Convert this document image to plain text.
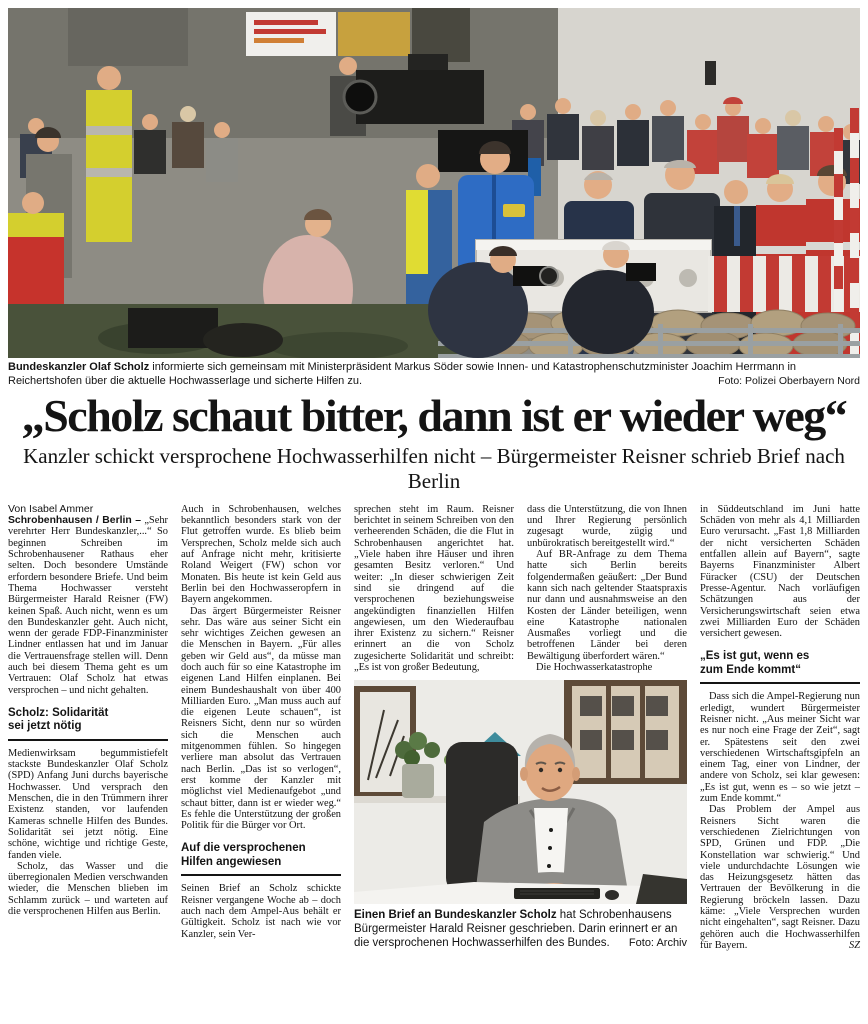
Bundeskanzler Olaf Scholz informierte sich gemeinsam mit Ministerpräsident Markus Söder sowie Innen- und Katastrophenschutzminister Joachim Herrmann in Reichertshofen über die aktuelle Hochwasserlage und sicherte Hilfen zu.	Foto: Polizei Oberbayern Nord

„Scholz schaut bitter, dann ist er wieder weg“
Kanzler schickt versprochene Hochwasserhilfen nicht – Bürgermeister Reisner schrieb Brief nach Berlin

Von Isabel Ammer

Schrobenhausen / Berlin – „Sehr verehrter Herr Bundeskanzler,...“ So beginnen Schreiben im Schrobenhausener Rathaus eher selten. Doch besondere Umstände erfordern besondere Briefe. Und beim Thema Hochwasser versteht Bürgermeister Harald Reisner (FW) keinen Spaß. Auch nicht, wenn es um den Bundeskanzler geht. Auch nicht, wenn der gerade FDP-Finanzminister Lindner entlassen hat und im Januar die Vertrauensfrage stellen will. Denn auch bei diesem Thema geht es um Vertrauen: Olaf Scholz hat etwas versprochen – und nicht gehalten.

Scholz: Solidarität
sei jetzt nötig

Medienwirksam begummistiefelt stackste Bundeskanzler Olaf Scholz (SPD) Anfang Juni durchs bayerische Hochwasser. Und versprach den Menschen, die in den Trümmern ihrer Existenz standen, vor laufenden Kameras schnelle Hilfen des Bundes. Solidarität sei jetzt nötig. Eine schöne, wichtige und richtige Geste, fanden viele.

Scholz, das Wasser und die überregionalen Medien verschwanden wieder, die Menschen blieben im Schlamm zurück – und warteten auf die versprochenen Hilfen aus Berlin.

Auch in Schrobenhausen, welches bekanntlich besonders stark von der Flut getroffen wurde. Es blieb beim Versprechen, Scholz melde sich auch auf Anfrage nicht mehr, kritisierte Roland Weigert (FW) schon vor Monaten. Bis heute ist kein Geld aus Berlin bei den Hochwasseropfern in Bayern angekommen.

Das ärgert Bürgermeister Reisner sehr. Das wäre aus seiner Sicht ein sehr wichtiges Zeichen gewesen an die Menschen in Bayern. „Für alles geben wir Geld aus“, da müsse man doch auch für so eine Katastrophe im eigenen Land Hilfen einplanen. Bei einem Bundeshaushalt von über 400 Milliarden Euro. „Man muss auch auf die eigenen Leute schauen“, ist Reisners Sicht, denn nur so würden sich die Menschen auch mitgenommen fühlen. So hingegen verliere man absolut das Vertrauen nach Berlin. „Das ist so verlogen“, erst komme der Kanzler mit möglichst viel Medienaufgebot „und schaut bitter, dann ist er wieder weg.“ Es fehle die Unterstützung der großen Politik für die Bürger vor Ort.

Auf die versprochenen
Hilfen angewiesen

Seinen Brief an Scholz schickte Reisner vergangene Woche ab – doch auch nach dem Ampel-Aus behält er Gültigkeit. Scholz ist nach wie vor Kanzler, sein Ver-

sprechen steht im Raum. Reisner berichtet in seinem Schreiben von den verheerenden Schäden, die die Flut in Schrobenhausen angerichtet hat. „Viele haben ihre Häuser und ihren gesamten Besitz verloren.“ Und weiter: „In dieser schwierigen Zeit sind sie dringend auf die versprochenen beziehungsweise angekündigten finanziellen Hilfen angewiesen, um den Wiederaufbau ihrer Existenz zu sichern.“ Reisner erinnert an die von Scholz zugesicherte Solidarität und schreibt: „Es ist von großer Bedeutung,

dass die Unterstützung, die von Ihnen und Ihrer Regierung persönlich zugesagt wurde, zügig und unbürokratisch bereitgestellt wird.“

Auf BR-Anfrage zu dem Thema hatte sich Berlin bereits folgendermaßen geäußert: „Der Bund kann sich nach geltender Staatspraxis nur dann und ausnahmsweise an den Kosten der Länder beteiligen, wenn eine Katastrophe nationalen Ausmaßes vorliegt und die betroffenen Länder bei deren Bewältigung überfordert wären.“

Die Hochwasserkatastrophe

Einen Brief an Bundeskanzler Scholz hat Schrobenhausens Bürgermeister Harald Reisner geschrieben. Darin erinnert er an die versprochenen Hochwasserhilfen des Bundes. Foto: Archiv

in Süddeutschland im Juni hatte Schäden von mehr als 4,1 Milliarden Euro verursacht. „Fast 1,8 Milliarden der nicht versicherten Schäden entfallen allein auf Bayern“, sagte Bayerns Finanzminister Albert Füracker (CSU) der Deutschen Presse-Agentur. Nach vorläufigen Schätzungen aus der Versicherungswirtschaft seien etwa zwei Milliarden Euro der Schäden versichert gewesen.

„Es ist gut, wenn es
zum Ende kommt“

Dass sich die Ampel-Regierung nun erledigt, wundert Bürgermeister Reisner nicht. „Aus meiner Sicht war es nur noch eine Frage der Zeit“, sagt er. Spätestens seit den zwei verschiedenen Wirtschaftsgipfeln an einem Tag, einer von Lindner, der andere von Scholz, sei klar gewesen: „Es ist gut, wenn es – so wie jetzt – zum Ende kommt.“

Das Problem der Ampel aus Reisners Sicht waren die verschiedenen Zielrichtungen von SPD, Grünen und FDP. „Die Konstellation war schwierig.“ Und viele undurchdachte Lösungen wie das Heizungsgesetz hätten das Vertrauen der Bevölkerung in die Regierung bröckeln lassen. Dazu käme: „Viele Versprechen wurden nicht eingehalten“, sagt Reisner. Dazu gehören auch die Hochwasserhilfen für Bayern.	SZ
